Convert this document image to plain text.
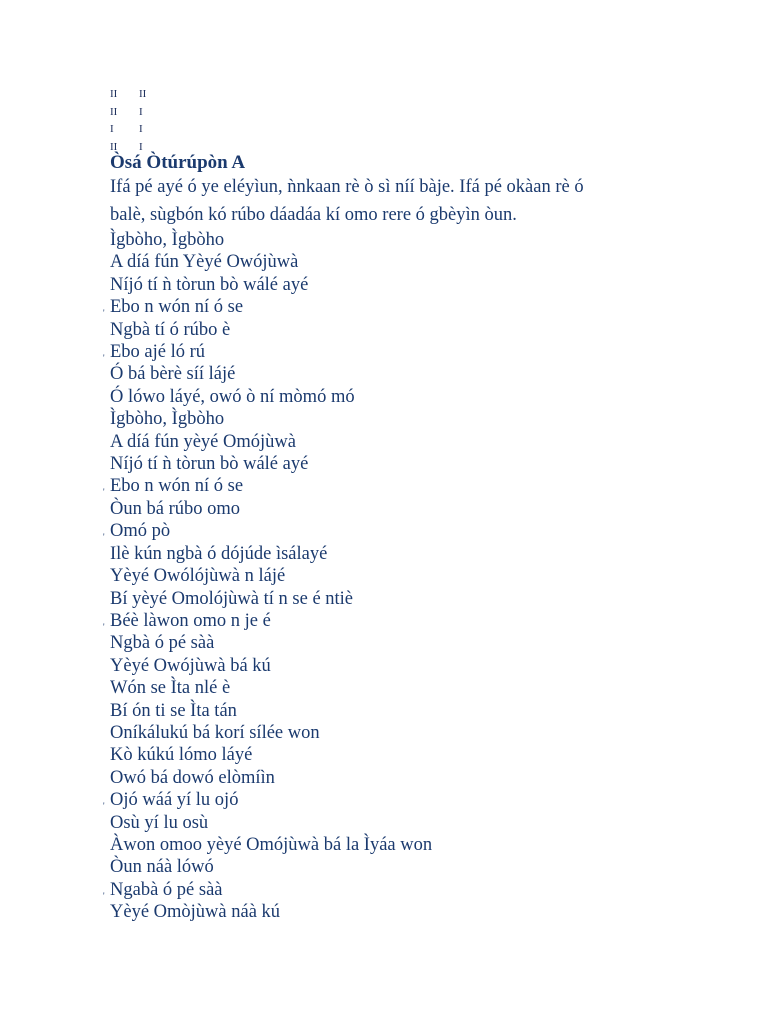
II	II
II	I
I	I
II	I
Òsá Òtúrúpòn A
Ifá pé ayé ó ye eléyìun, ǹnkaan rè ò sì níí bàje. Ifá pé okàan rè ó
balè, sùgbón kó rúbo dáadáa kí omo rere ó gbèyìn òun.
Ìgbòho, Ìgbòho
A díá fún Yèyé Owójùwà
Níjó tí ǹ tòrun bò wálé ayé
' Ebo n wón ní ó se
Ngbà tí ó rúbo è
' Ebo ajé ló rú
Ó bá bèrè síí lájé
Ó lówo láyé, owó ò ní mòmó mó
Ìgbòho, Ìgbòho
A díá fún yèyé Omójùwà
Níjó tí ǹ tòrun bò wálé ayé
' Ebo n wón ní ó se
Òun bá rúbo omo
' Omó pò
Ilè kún ngbà ó dójúde ìsálayé
Yèyé Owólójùwà n lájé
Bí yèyé Omolójùwà tí n se é ntiè
' Béè làwon omo n je é
Ngbà ó pé sàà
Yèyé Owójùwà bá kú
Wón se Ìta nlé è
Bí ón ti se Ìta tán
Oníkálukú bá korí sílée won
Kò kúkú lómo láyé
Owó bá dowó elòmíìn
' Ojó wáá yí lu ojó
Osù yí lu osù
Àwon omoo yèyé Omójùwà bá la Ìyáa won
Òun náà lówó
' Ngabà ó pé sàà
Yèyé Omòjùwà náà kú
